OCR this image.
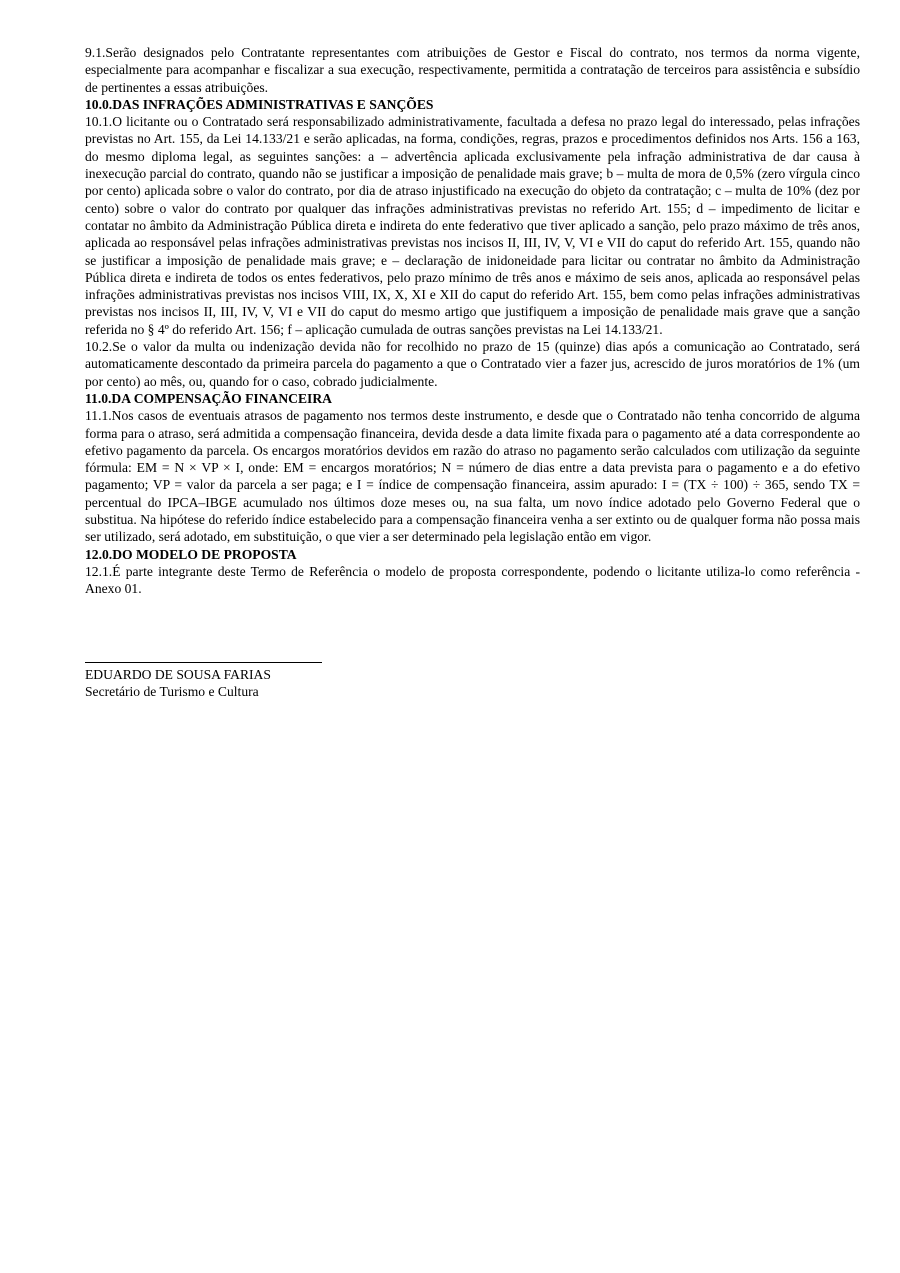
9.1.Serão designados pelo Contratante representantes com atribuições de Gestor e Fiscal do contrato, nos termos da norma vigente, especialmente para acompanhar e fiscalizar a sua execução, respectivamente, permitida a contratação de terceiros para assistência e subsídio de pertinentes a essas atribuições.

10.0.DAS INFRAÇÕES ADMINISTRATIVAS E SANÇÕES

10.1.O licitante ou o Contratado será responsabilizado administrativamente, facultada a defesa no prazo legal do interessado, pelas infrações previstas no Art. 155, da Lei 14.133/21 e serão aplicadas, na forma, condições, regras, prazos e procedimentos definidos nos Arts. 156 a 163, do mesmo diploma legal, as seguintes sanções: a – advertência aplicada exclusivamente pela infração administrativa de dar causa à inexecução parcial do contrato, quando não se justificar a imposição de penalidade mais grave; b – multa de mora de 0,5% (zero vírgula cinco por cento) aplicada sobre o valor do contrato, por dia de atraso injustificado na execução do objeto da contratação; c – multa de 10% (dez por cento) sobre o valor do contrato por qualquer das infrações administrativas previstas no referido Art. 155; d – impedimento de licitar e contatar no âmbito da Administração Pública direta e indireta do ente federativo que tiver aplicado a sanção, pelo prazo máximo de três anos, aplicada ao responsável pelas infrações administrativas previstas nos incisos II, III, IV, V, VI e VII do caput do referido Art. 155, quando não se justificar a imposição de penalidade mais grave; e – declaração de inidoneidade para licitar ou contratar no âmbito da Administração Pública direta e indireta de todos os entes federativos, pelo prazo mínimo de três anos e máximo de seis anos, aplicada ao responsável pelas infrações administrativas previstas nos incisos VIII, IX, X, XI e XII do caput do referido Art. 155, bem como pelas infrações administrativas previstas nos incisos II, III, IV, V, VI e VII do caput do mesmo artigo que justifiquem a imposição de penalidade mais grave que a sanção referida no § 4º do referido Art. 156; f – aplicação cumulada de outras sanções previstas na Lei 14.133/21.

10.2.Se o valor da multa ou indenização devida não for recolhido no prazo de 15 (quinze) dias após a comunicação ao Contratado, será automaticamente descontado da primeira parcela do pagamento a que o Contratado vier a fazer jus, acrescido de juros moratórios de 1% (um por cento) ao mês, ou, quando for o caso, cobrado judicialmente.

11.0.DA COMPENSAÇÃO FINANCEIRA

11.1.Nos casos de eventuais atrasos de pagamento nos termos deste instrumento, e desde que o Contratado não tenha concorrido de alguma forma para o atraso, será admitida a compensação financeira, devida desde a data limite fixada para o pagamento até a data correspondente ao efetivo pagamento da parcela. Os encargos moratórios devidos em razão do atraso no pagamento serão calculados com utilização da seguinte fórmula: EM = N × VP × I, onde: EM = encargos moratórios; N = número de dias entre a data prevista para o pagamento e a do efetivo pagamento; VP = valor da parcela a ser paga; e I = índice de compensação financeira, assim apurado: I = (TX ÷ 100) ÷ 365, sendo TX = percentual do IPCA–IBGE acumulado nos últimos doze meses ou, na sua falta, um novo índice adotado pelo Governo Federal que o substitua. Na hipótese do referido índice estabelecido para a compensação financeira venha a ser extinto ou de qualquer forma não possa mais ser utilizado, será adotado, em substituição, o que vier a ser determinado pela legislação então em vigor.

12.0.DO MODELO DE PROPOSTA

12.1.É parte integrante deste Termo de Referência o modelo de proposta correspondente, podendo o licitante utiliza-lo como referência - Anexo 01.

EDUARDO DE SOUSA FARIAS
Secretário de Turismo e Cultura
